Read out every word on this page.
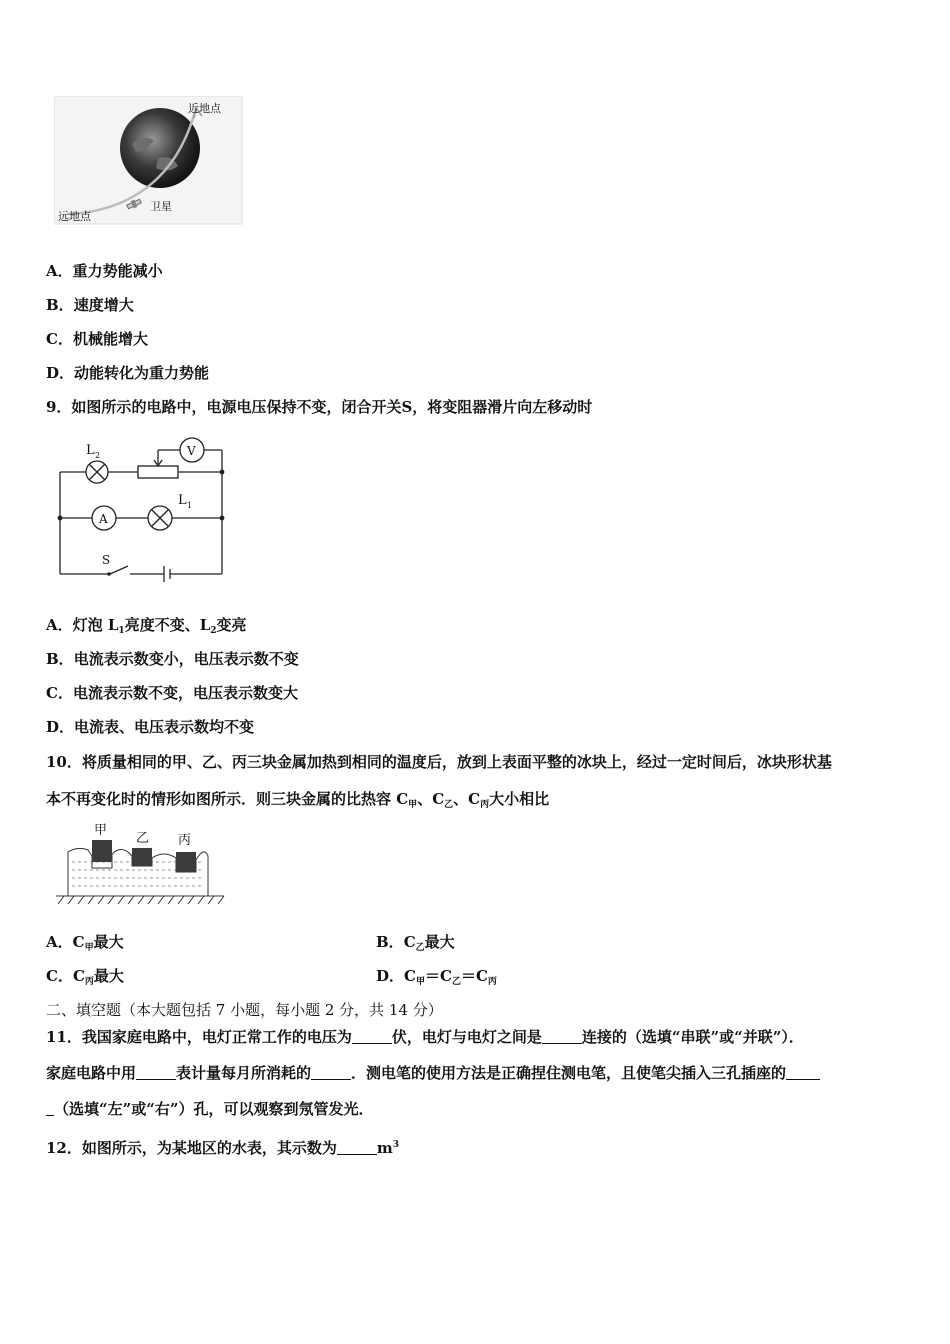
近地点
远地点
卫星
A．重力势能减小
B．速度增大
C．机械能增大
D．动能转化为重力势能
9．如图所示的电路中，电源电压保持不变，闭合开关S，将变阻器滑片向左移动时
L 2	V
A
L 1
S
A．灯泡 $L_1$亮度不变、$L_2$变亮
B．电流表示数变小，电压表示数不变
C．电流表示数不变，电压表示数变大
D．电流表、电压表示数均不变
10．将质量相同的甲、乙、丙三块金属加热到相同的温度后，放到上表面平整的冰块上，经过一定时间后，冰块形状基
本不再变化时的情形如图所示．则三块金属的比热容 $C_甲$、$C_乙$、$C_丙$大小相比
甲
乙 丙
A．$C_甲$最大	B．$C_乙$最大
C．$C_丙$最大	D．$C_甲=C_乙=C_丙$
二、填空题（本大题包括 7 小题，每小题 2 分，共 14 分）
11．我国家庭电路中，电灯正常工作的电压为	伏，电灯与电灯之间是	连接的（选填“串联”或“并联”）．
家庭电路中用	表计量每月所消耗的	．测电笔的使用方法是正确捏住测电笔，且使笔尖插入三孔插座的
（选填“左”或“右”）孔，可以观察到氖管发光．
12．如图所示，为某地区的水表，其示数为	$m^3$
